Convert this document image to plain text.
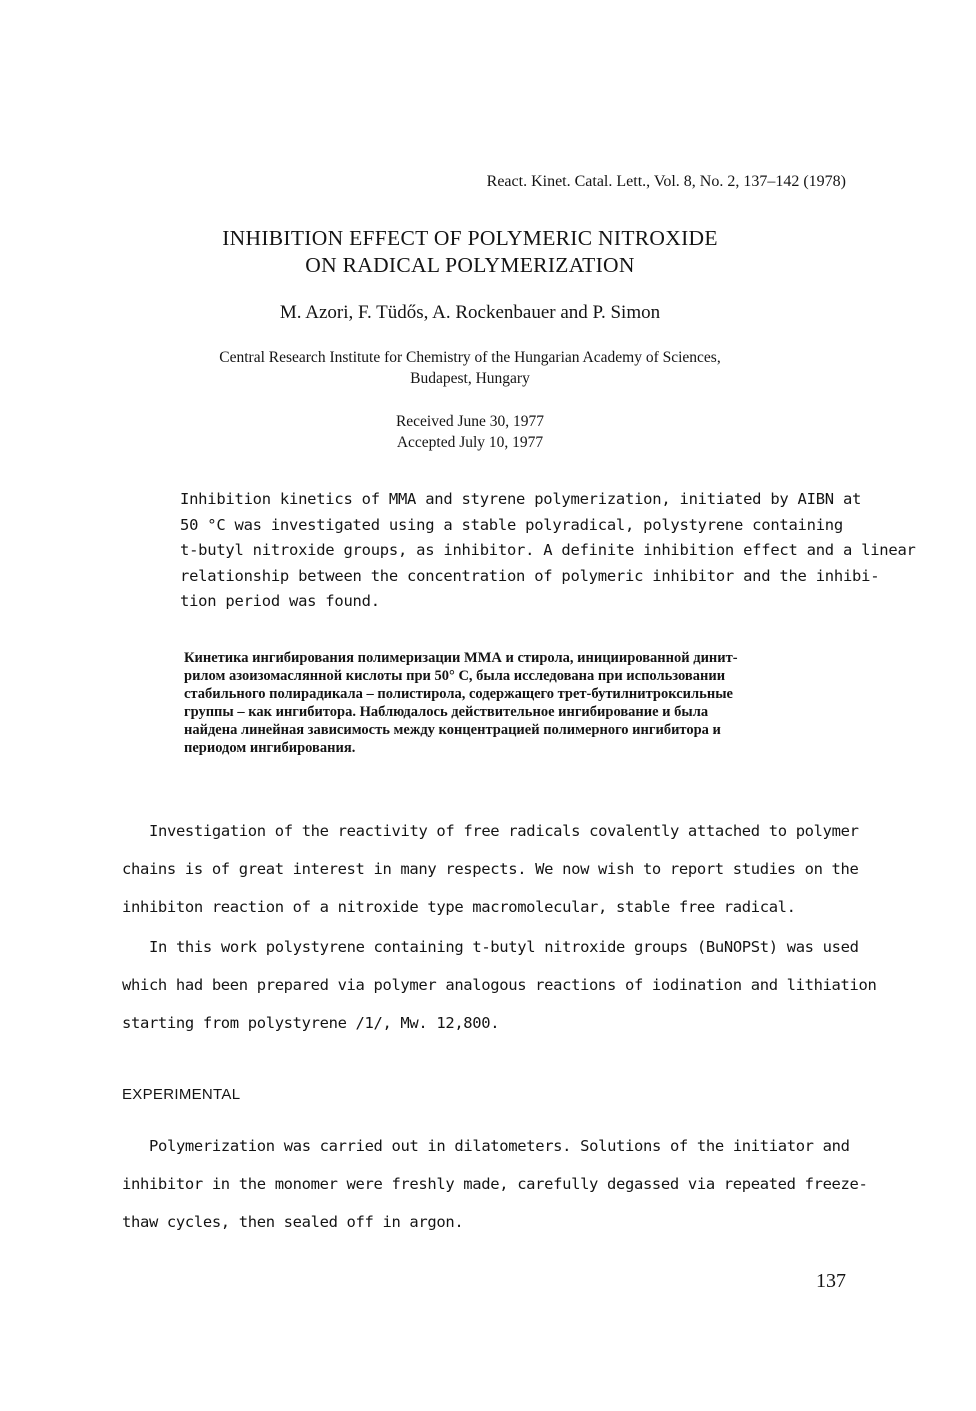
React. Kinet. Catal. Lett., Vol. 8, No. 2, 137–142 (1978)
INHIBITION EFFECT OF POLYMERIC NITROXIDE
ON RADICAL POLYMERIZATION
M. Azori, F. Tüdős, A. Rockenbauer and P. Simon
Central Research Institute for Chemistry of the Hungarian Academy of Sciences,
Budapest, Hungary
Received June 30, 1977
Accepted July 10, 1977
Inhibition kinetics of MMA and styrene polymerization, initiated by AIBN at
50 °C was investigated using a stable polyradical, polystyrene containing
t-butyl nitroxide groups, as inhibitor. A definite inhibition effect and a linear
relationship between the concentration of polymeric inhibitor and the inhibi-
tion period was found.
Кинетика ингибирования полимеризации ММА и стирола, инициированной динит-
рилом азоизомаслянной кислоты при 50° С, была исследована при использовании
стабильного полирадикала – полистирола, содержащего трет-бутилнитроксильные
группы – как ингибитора. Наблюдалось действительное ингибирование и была
найдена линейная зависимость между концентрацией полимерного ингибитора и
периодом ингибирования.
Investigation of the reactivity of free radicals covalently attached to polymer
chains is of great interest in many respects. We now wish to report studies on the
inhibiton reaction of a nitroxide type macromolecular, stable free radical.
In this work polystyrene containing t-butyl nitroxide groups (BuNOPSt) was used
which had been prepared via polymer analogous reactions of iodination and lithiation
starting from polystyrene /1/, Mw. 12,800.
EXPERIMENTAL
Polymerization was carried out in dilatometers. Solutions of the initiator and
inhibitor in the monomer were freshly made, carefully degassed via repeated freeze-
thaw cycles, then sealed off in argon.
137
